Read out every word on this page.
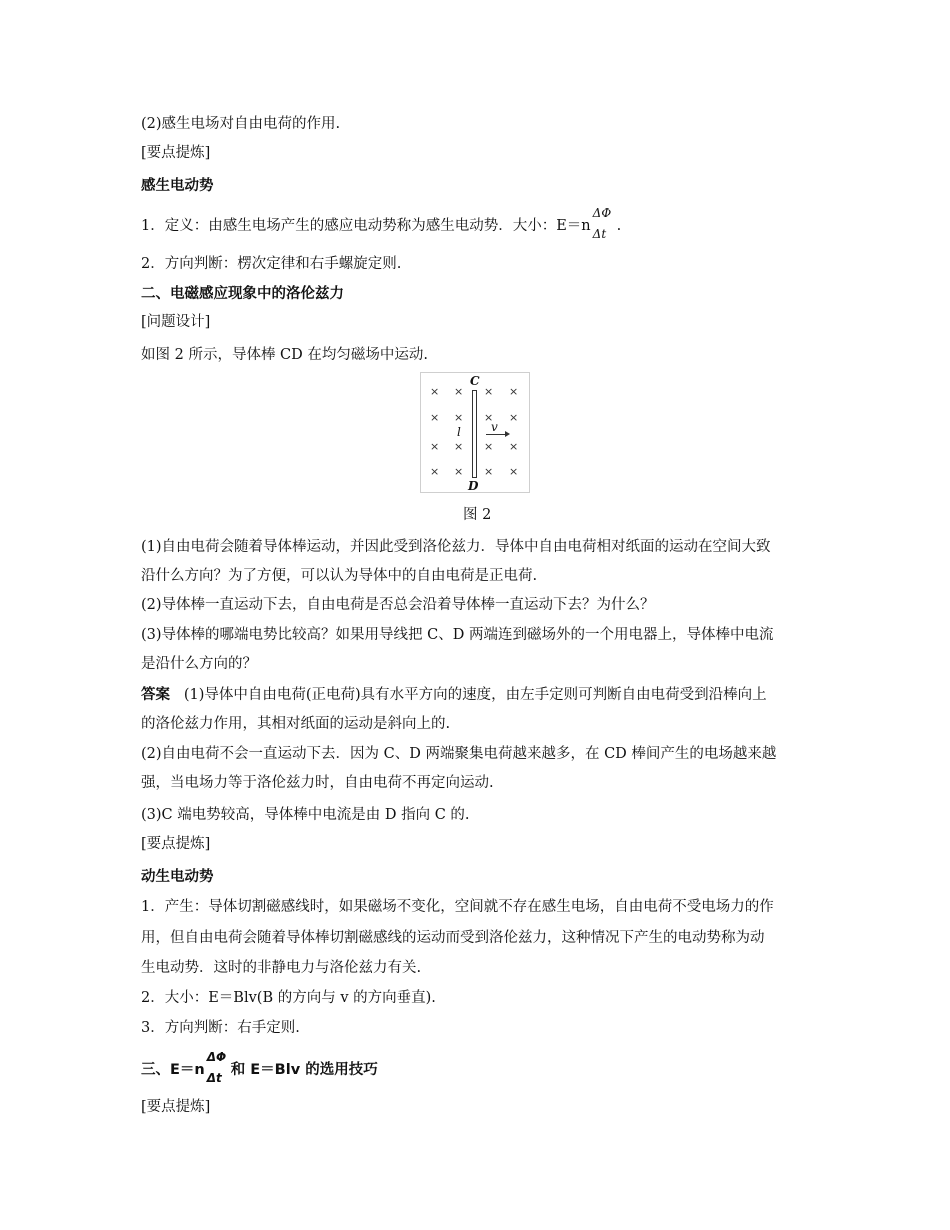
(2)感生电场对自由电荷的作用.
[要点提炼]
感生电动势
1．定义：由感生电场产生的感应电动势称为感生电动势．大小：E＝n
ΔΦ
Δt .
2．方向判断：楞次定律和右手螺旋定则.
二、电磁感应现象中的洛伦兹力
[问题设计]
如图 2 所示，导体棒 CD 在均匀磁场中运动.
C
D
l	v
× × × ×
× × × ×
× × × ×
× × × ×
图 2
(1)自由电荷会随着导体棒运动，并因此受到洛伦兹力．导体中自由电荷相对纸面的运动在空间大致
沿什么方向？为了方便，可以认为导体中的自由电荷是正电荷.
(2)导体棒一直运动下去，自由电荷是否总会沿着导体棒一直运动下去？为什么？
(3)导体棒的哪端电势比较高？如果用导线把 C、D 两端连到磁场外的一个用电器上，导体棒中电流
是沿什么方向的？
答案 (1)导体中自由电荷(正电荷)具有水平方向的速度，由左手定则可判断自由电荷受到沿棒向上
的洛伦兹力作用，其相对纸面的运动是斜向上的.
(2)自由电荷不会一直运动下去．因为 C、D 两端聚集电荷越来越多，在 CD 棒间产生的电场越来越
强，当电场力等于洛伦兹力时，自由电荷不再定向运动.
(3)C 端电势较高，导体棒中电流是由 D 指向 C 的.
[要点提炼]
动生电动势
1．产生：导体切割磁感线时，如果磁场不变化，空间就不存在感生电场，自由电荷不受电场力的作
用，但自由电荷会随着导体棒切割磁感线的运动而受到洛伦兹力，这种情况下产生的电动势称为动
生电动势．这时的非静电力与洛伦兹力有关.
2．大小：E＝Blv(B 的方向与 v 的方向垂直).
3．方向判断：右手定则.
三、E＝n
ΔΦ
Δt 和 E＝Blv 的选用技巧
[要点提炼]
